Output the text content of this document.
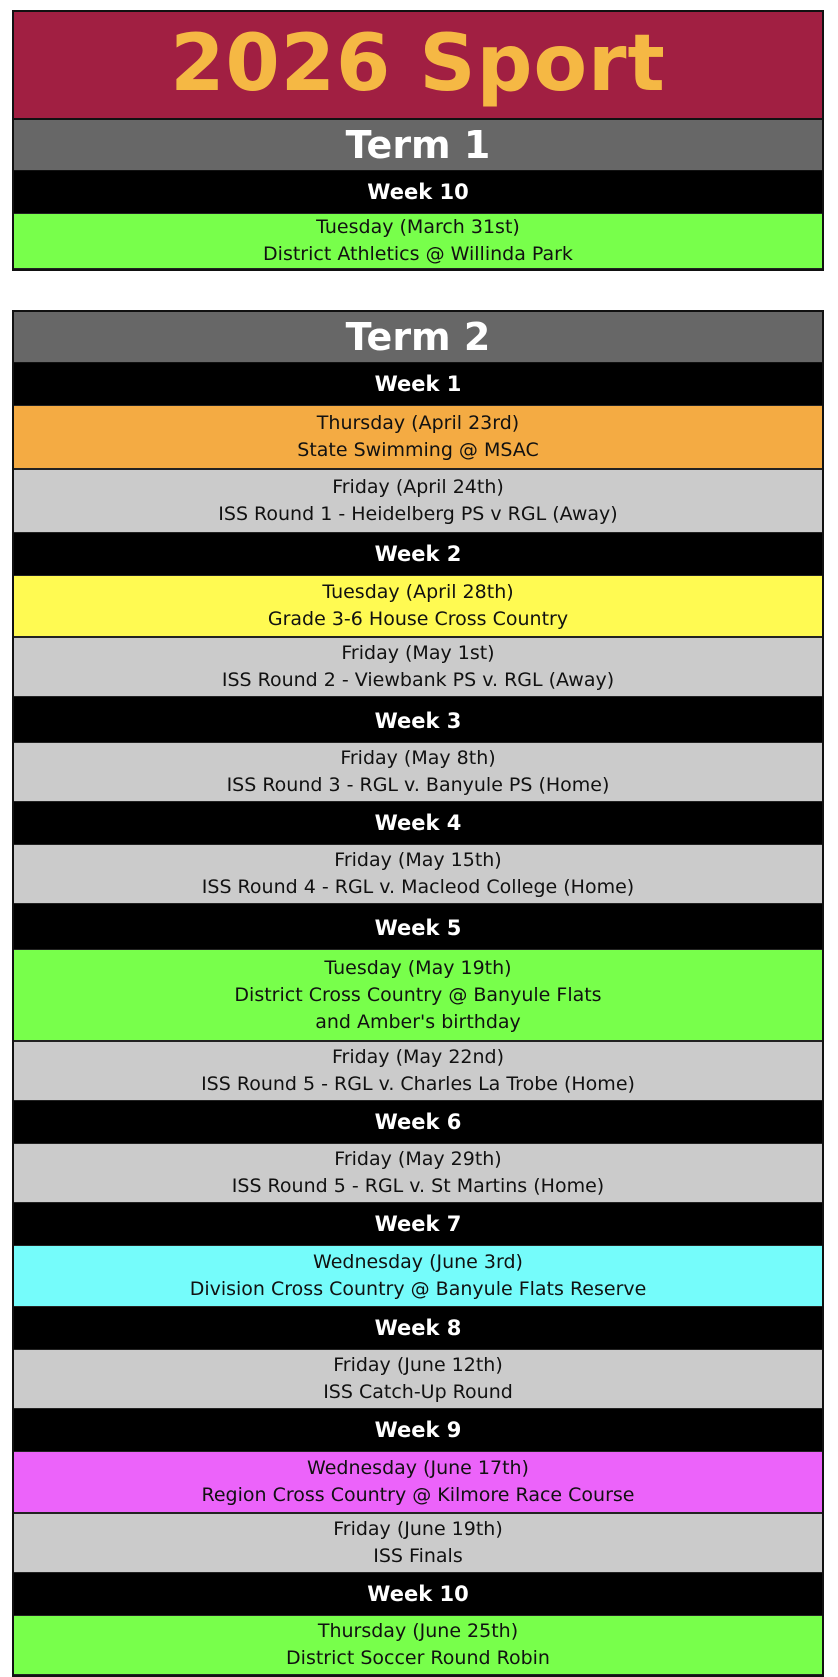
2026 Sport
Term 1
Week 10
Tuesday (March 31st)
District Athletics @ Willinda Park
Term 2
Week 1
Thursday (April 23rd)
State Swimming @ MSAC
Friday (April 24th)
ISS Round 1 - Heidelberg PS v RGL (Away)
Week 2
Tuesday (April 28th)
Grade 3-6 House Cross Country
Friday (May 1st)
ISS Round 2 - Viewbank PS v. RGL (Away)
Week 3
Friday (May 8th)
ISS Round 3 - RGL v. Banyule PS (Home)
Week 4
Friday (May 15th)
ISS Round 4 - RGL v. Macleod College (Home)
Week 5
Tuesday (May 19th)
District Cross Country @ Banyule Flats
and Amber's birthday
Friday (May 22nd)
ISS Round 5 - RGL v. Charles La Trobe (Home)
Week 6
Friday (May 29th)
ISS Round 5 - RGL v. St Martins (Home)
Week 7
Wednesday (June 3rd)
Division Cross Country @ Banyule Flats Reserve
Week 8
Friday (June 12th)
ISS Catch-Up Round
Week 9
Wednesday (June 17th)
Region Cross Country @ Kilmore Race Course
Friday (June 19th)
ISS Finals
Week 10
Thursday (June 25th)
District Soccer Round Robin
